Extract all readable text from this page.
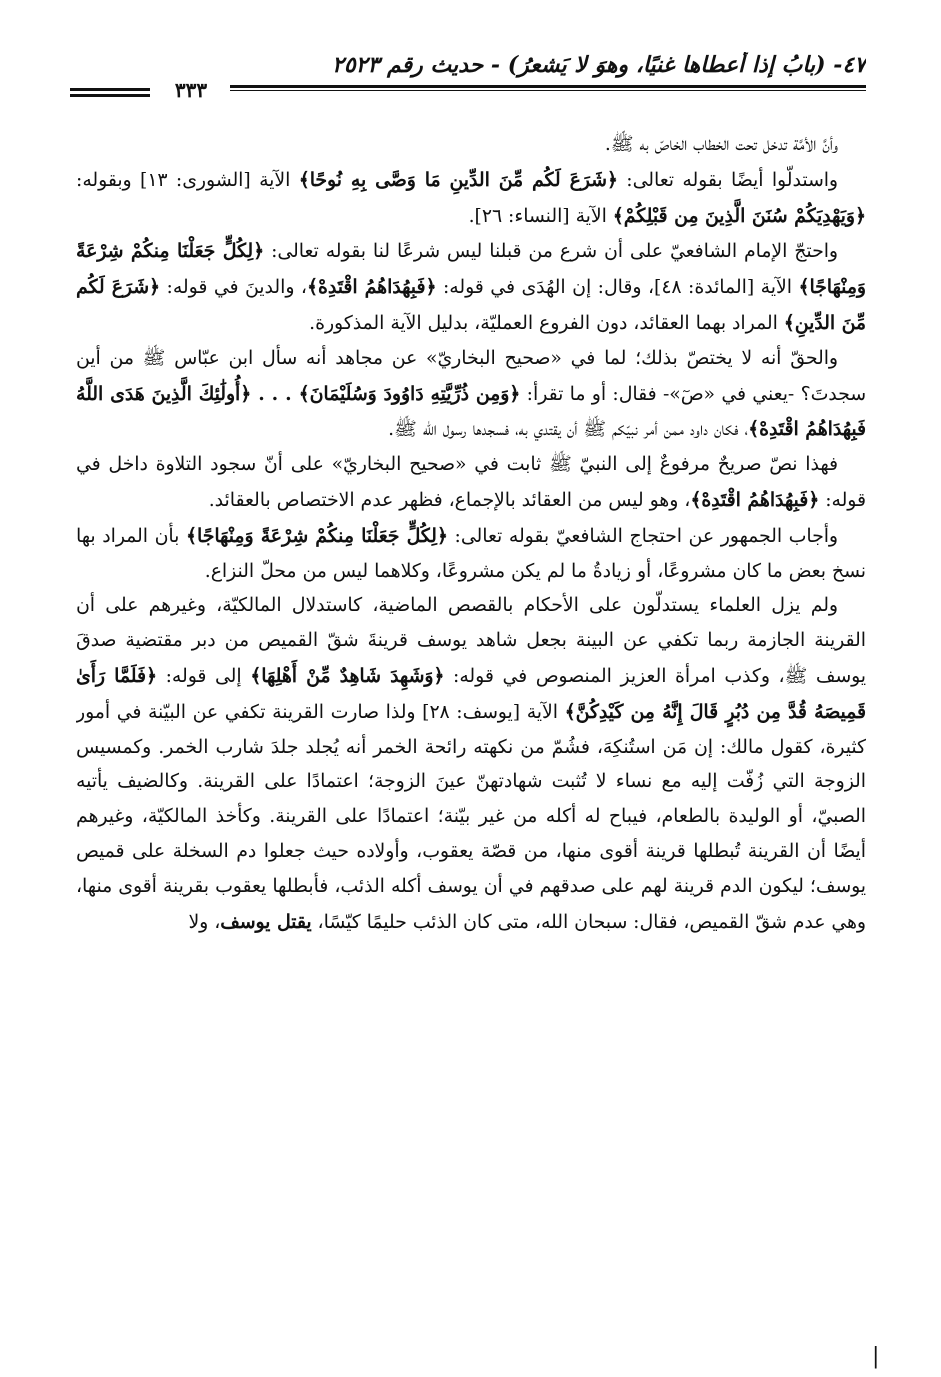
٤٧- (بابُ إذا أعطاها غنيًا، وهوَ لا يَشعرُ) - حديث رقم ٢٥٢٣
٣٣٣

وأنَّ الأمَّة تدخل تحت الخطاب الخاصّ به ﷺ.

واستدلّوا أيضًا بقوله تعالى: ﴿شَرَعَ لَكُم مِّنَ الدِّينِ مَا وَصَّى بِهِ نُوحًا﴾ الآية [الشورى: ١٣] وبقوله: ﴿وَيَهْدِيَكُمْ سُنَنَ الَّذِينَ مِن قَبْلِكُمْ﴾ الآية [النساء: ٢٦].

واحتجّ الإمام الشافعيّ على أن شرع من قبلنا ليس شرعًا لنا بقوله تعالى: ﴿لِكُلٍّ جَعَلْنَا مِنكُمْ شِرْعَةً وَمِنْهَاجًا﴾ الآية [المائدة: ٤٨]، وقال: إن الهُدَى في قوله: ﴿فَبِهُدَاهُمُ اقْتَدِهْ﴾، والدينَ في قوله: ﴿شَرَعَ لَكُم مِّنَ الدِّينِ﴾ المراد بهما العقائد، دون الفروع العمليّة، بدليل الآية المذكورة.

والحقّ أنه لا يختصّ بذلك؛ لما في «صحيح البخاريّ» عن مجاهد أنه سأل ابن عبّاس ﷺ من أين سجدتَ؟ -يعني في «صٓ»- فقال: أو ما تقرأ: ﴿وَمِن ذُرِّيَّتِهِ دَاوُودَ وَسُلَيْمَانَ﴾ . . . ﴿أُولَٰئِكَ الَّذِينَ هَدَى اللَّهُ فَبِهُدَاهُمُ اقْتَدِهْ﴾، فكان داود ممن أمر نبيّكم ﷺ أن يقتدي به، فسجدها رسول الله ﷺ.

فهذا نصّ صريحٌ مرفوعٌ إلى النبيّ ﷺ ثابت في «صحيح البخاريّ» على أنّ سجود التلاوة داخل في قوله: ﴿فَبِهُدَاهُمُ اقْتَدِهْ﴾، وهو ليس من العقائد بالإجماع، فظهر عدم الاختصاص بالعقائد.

وأجاب الجمهور عن احتجاج الشافعيّ بقوله تعالى: ﴿لِكُلٍّ جَعَلْنَا مِنكُمْ شِرْعَةً وَمِنْهَاجًا﴾ بأن المراد بها نسخ بعض ما كان مشروعًا، أو زيادةُ ما لم يكن مشروعًا، وكلاهما ليس من محلّ النزاع.

ولم يزل العلماء يستدلّون على الأحكام بالقصص الماضية، كاستدلال المالكيّة، وغيرهم على أن القرينة الجازمة ربما تكفي عن البينة بجعل شاهد يوسف قرينةَ شقّ القميص من دبر مقتضية صدقَ يوسف ﷺ، وكذب امرأة العزيز المنصوص في قوله: ﴿وَشَهِدَ شَاهِدٌ مِّنْ أَهْلِهَا﴾ إلى قوله: ﴿فَلَمَّا رَأَىٰ قَمِيصَهُ قُدَّ مِن دُبُرٍ قَالَ إِنَّهُ مِن كَيْدِكُنَّ﴾ الآية [يوسف: ٢٨] ولذا صارت القرينة تكفي عن البيّنة في أمور كثيرة، كقول مالك: إن مَن استُنكِهَ، فشُمّ من نكهته رائحة الخمر أنه يُجلد جلدَ شارب الخمر. وكمسيس الزوجة التي زُفّت إليه مع نساء لا تُثبت شهادتهنّ عينَ الزوجة؛ اعتمادًا على القرينة. وكالضيف يأتيه الصبيّ، أو الوليدة بالطعام، فيباح له أكله من غير بيّنة؛ اعتمادًا على القرينة. وكأخذ المالكيّة، وغيرهم أيضًا أن القرينة تُبطلها قرينة أقوى منها، من قصّة يعقوب، وأولاده حيث جعلوا دم السخلة على قميص يوسف؛ ليكون الدم قرينة لهم على صدقهم في أن يوسف أكله الذئب، فأبطلها يعقوب بقرينة أقوى منها، وهي عدم شقّ القميص، فقال: سبحان الله، متى كان الذئب حليمًا كيّسًا، يقتل يوسف، ولا

|
